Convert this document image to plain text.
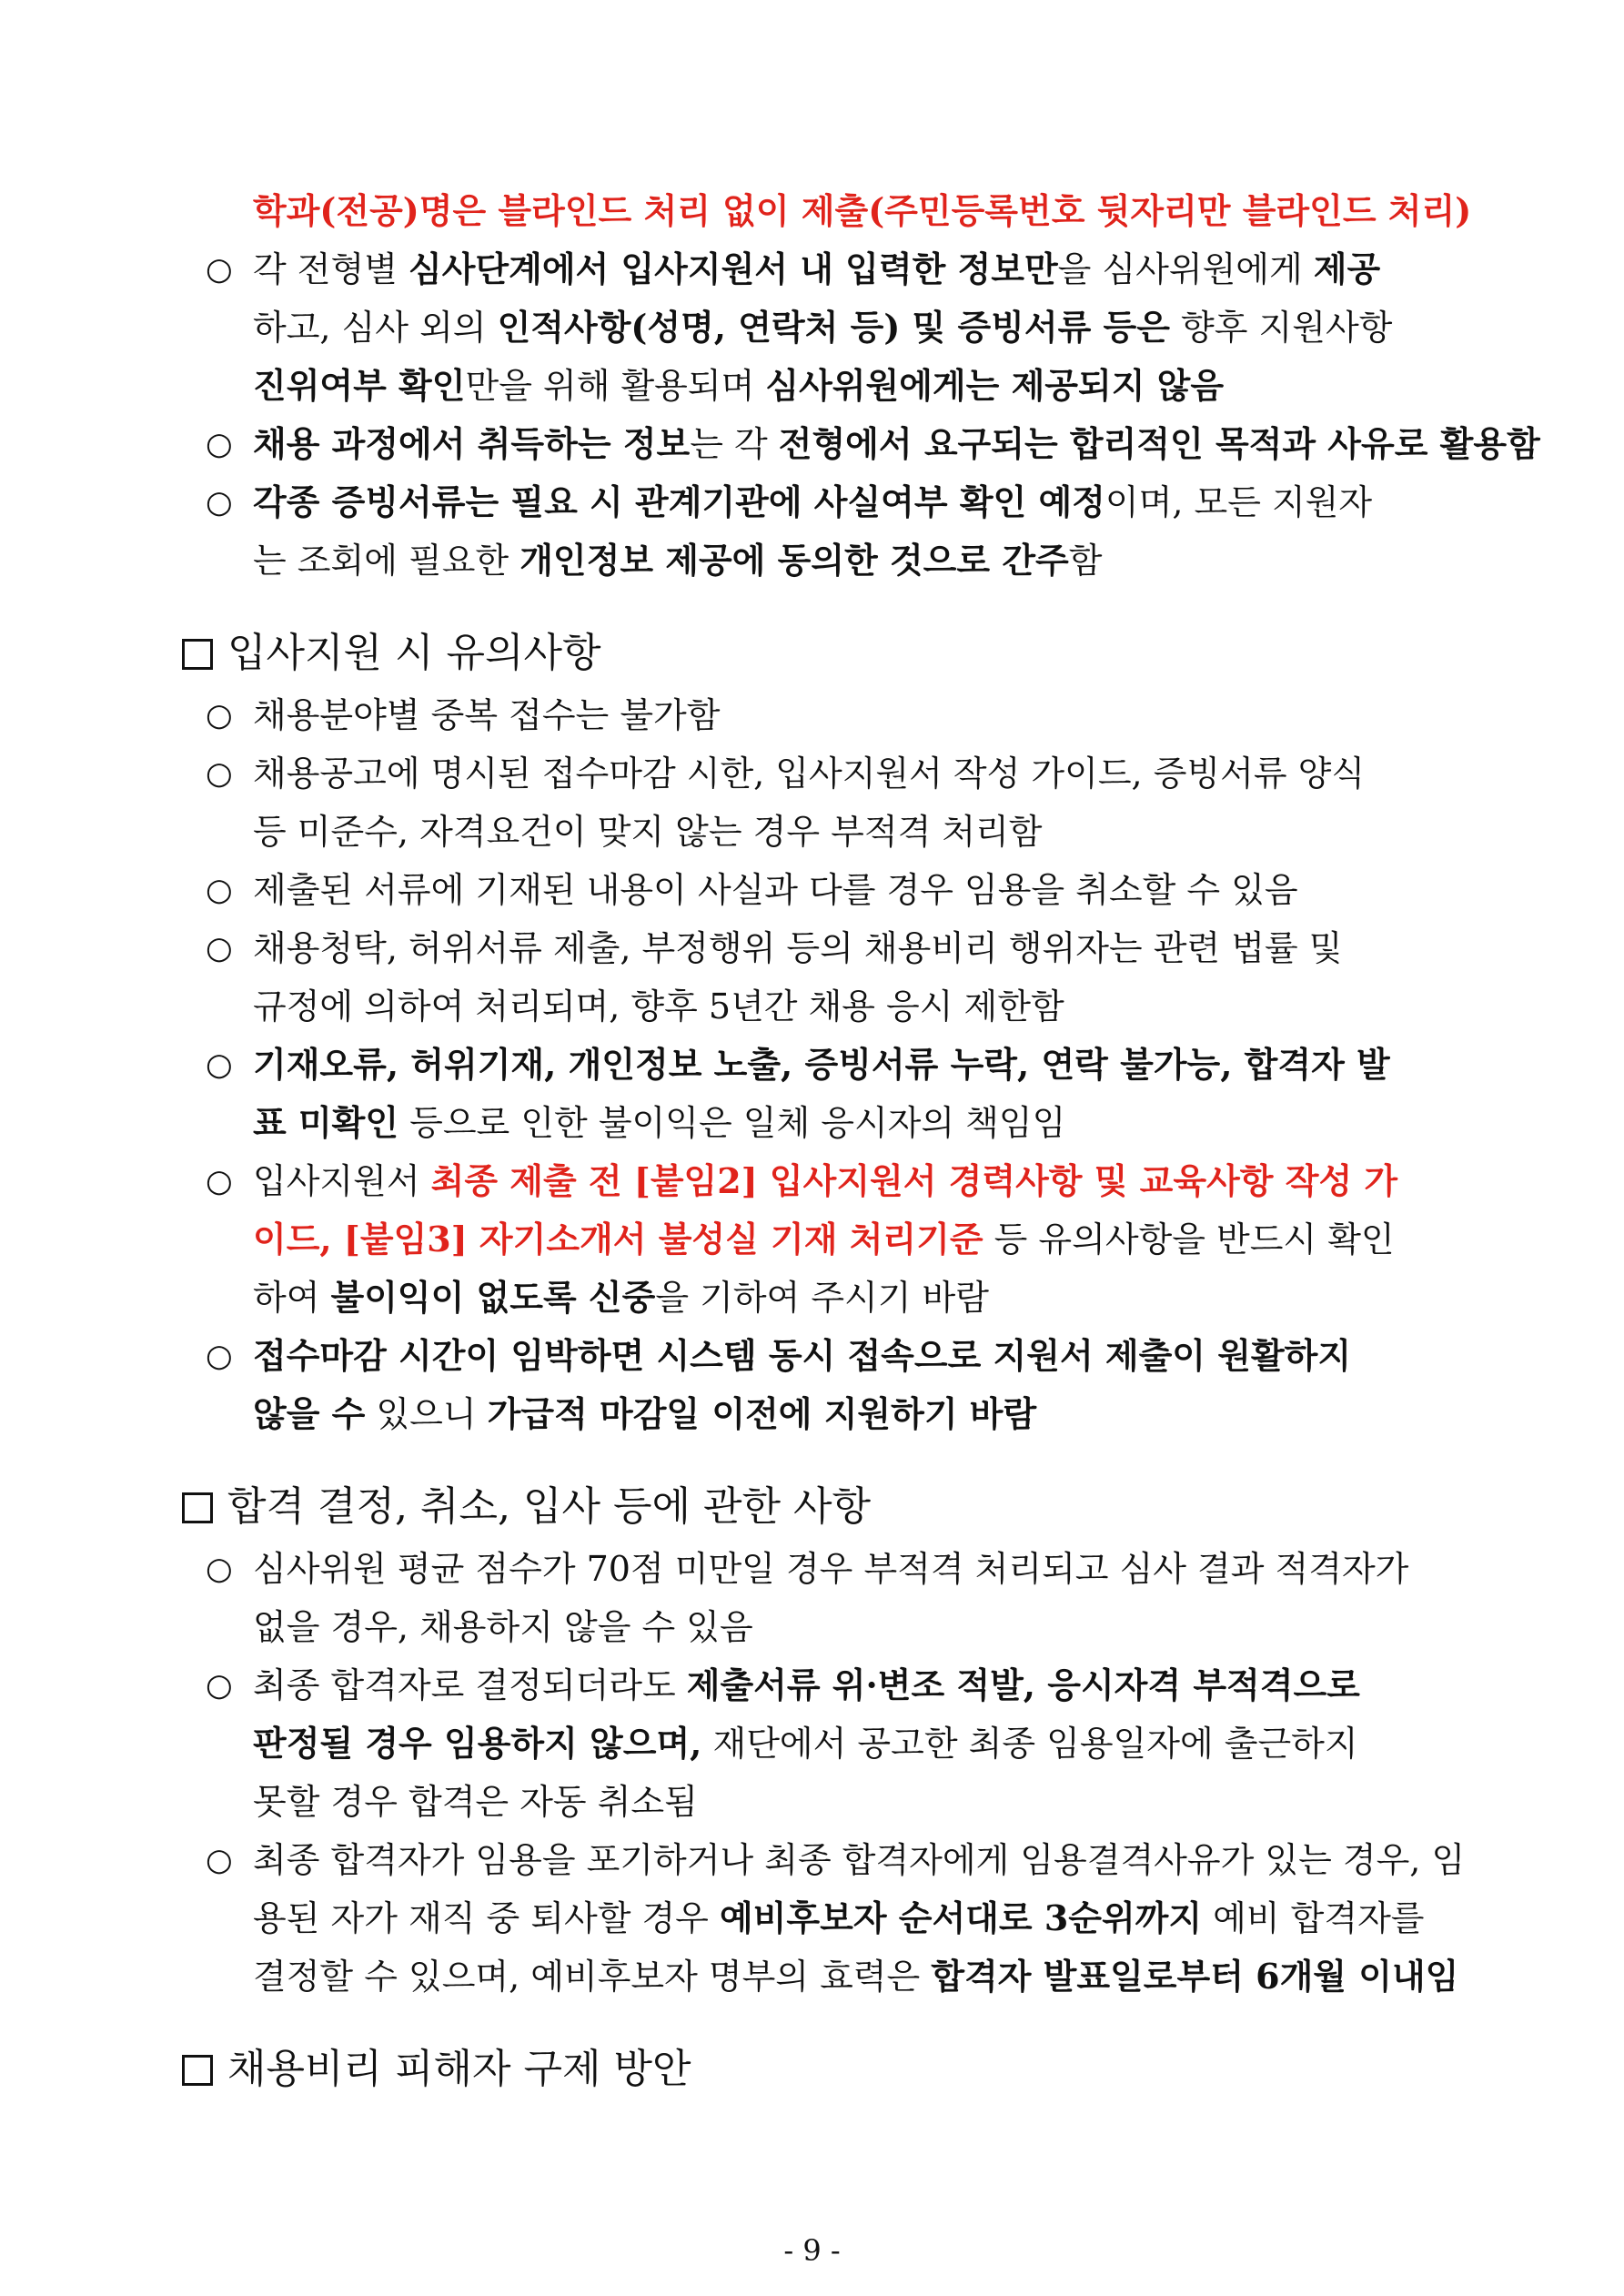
학과(전공)명은 블라인드 처리 없이 제출(주민등록번호 뒷자리만 블라인드 처리)
○ 각 전형별 심사단계에서 입사지원서 내 입력한 정보만을 심사위원에게 제공
하고, 심사 외의 인적사항(성명, 연락처 등) 및 증빙서류 등은 향후 지원사항
진위여부 확인만을 위해 활용되며 심사위원에게는 제공되지 않음
○ 채용 과정에서 취득하는 정보는 각 전형에서 요구되는 합리적인 목적과 사유로 활용함
○ 각종 증빙서류는 필요 시 관계기관에 사실여부 확인 예정이며, 모든 지원자
는 조회에 필요한 개인정보 제공에 동의한 것으로 간주함
입사지원 시 유의사항
○ 채용분야별 중복 접수는 불가함
○ 채용공고에 명시된 접수마감 시한, 입사지원서 작성 가이드, 증빙서류 양식
등 미준수, 자격요건이 맞지 않는 경우 부적격 처리함
○ 제출된 서류에 기재된 내용이 사실과 다를 경우 임용을 취소할 수 있음
○ 채용청탁, 허위서류 제출, 부정행위 등의 채용비리 행위자는 관련 법률 및
규정에 의하여 처리되며, 향후 5년간 채용 응시 제한함
○ 기재오류, 허위기재, 개인정보 노출, 증빙서류 누락, 연락 불가능, 합격자 발
표 미확인 등으로 인한 불이익은 일체 응시자의 책임임
○ 입사지원서 최종 제출 전 [붙임2] 입사지원서 경력사항 및 교육사항 작성 가
이드, [붙임3] 자기소개서 불성실 기재 처리기준 등 유의사항을 반드시 확인
하여 불이익이 없도록 신중을 기하여 주시기 바람
○ 접수마감 시간이 임박하면 시스템 동시 접속으로 지원서 제출이 원활하지
않을 수 있으니 가급적 마감일 이전에 지원하기 바람
합격 결정, 취소, 입사 등에 관한 사항
○ 심사위원 평균 점수가 70점 미만일 경우 부적격 처리되고 심사 결과 적격자가
없을 경우, 채용하지 않을 수 있음
○ 최종 합격자로 결정되더라도 제출서류 위·변조 적발, 응시자격 부적격으로
판정될 경우 임용하지 않으며, 재단에서 공고한 최종 임용일자에 출근하지
못할 경우 합격은 자동 취소됨
○ 최종 합격자가 임용을 포기하거나 최종 합격자에게 임용결격사유가 있는 경우, 임
용된 자가 재직 중 퇴사할 경우 예비후보자 순서대로 3순위까지 예비 합격자를
결정할 수 있으며, 예비후보자 명부의 효력은 합격자 발표일로부터 6개월 이내임
채용비리 피해자 구제 방안
- 9 -
